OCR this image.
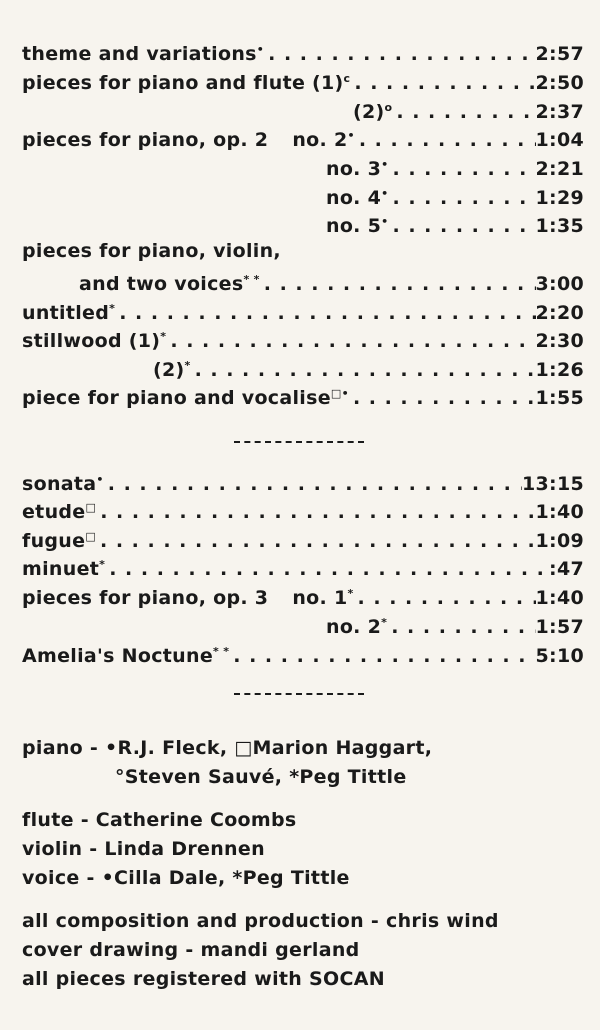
theme and variations• . . .	2:57
pieces for piano and flute $(1)^c$ . . .	2:50
$(2)^o$ . . .	2:37
pieces for piano, op. 2 no. 2• . . .	1:04
no. 3• . . .	2:21
no. 4• . . .	1:29
no. 5• . . .	1:35
pieces for piano, violin,
and two voices* * . . .	3:00
untitled* . . .	2:20
stillwood (1)* . . .	2:30
(2)* . . .	1:26
piece for piano and vocalise□• . . .	1:55
sonata• . . .	13:15
etude□ . . .	1:40
fugue□ . . .	1:09
minuet* . . .	:47
pieces for piano, op. 3 no. 1* . . .	1:40
no. 2* . . .	1:57
Amelia's Noctune* * . . .	5:10
piano - •R.J. Fleck, □Marion Haggart,
°Steven Sauvé, *Peg Tittle
flute - Catherine Coombs
violin - Linda Drennen
voice - •Cilla Dale, *Peg Tittle
all composition and production - chris wind
cover drawing - mandi gerland
all pieces registered with SOCAN
